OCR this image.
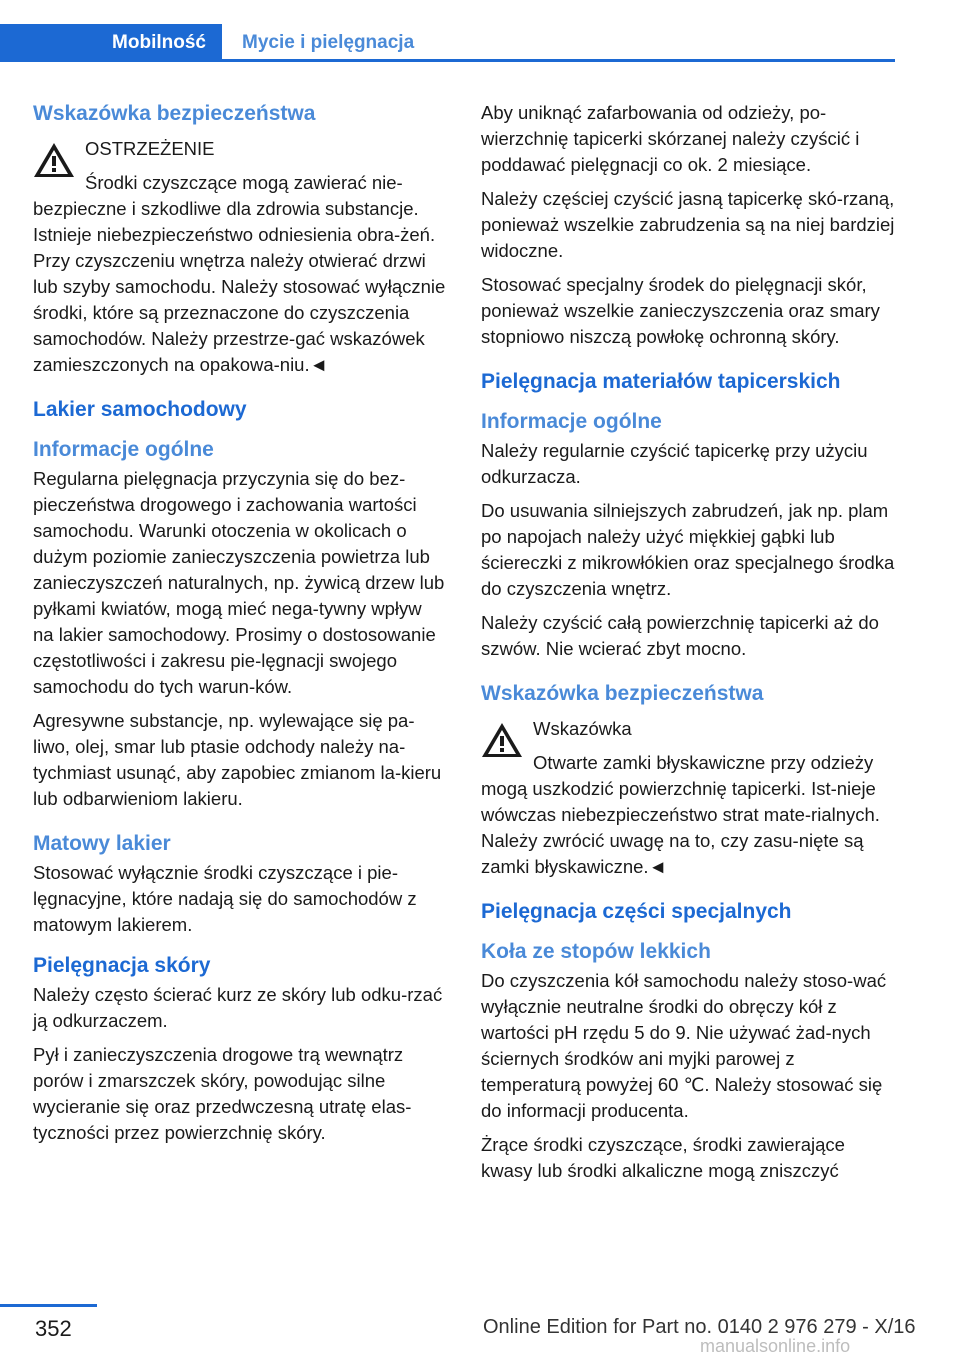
Mobilność	Mycie i pielęgnacja
Wskazówka bezpieczeństwa

OSTRZEŻENIE

Środki czyszczące mogą zawierać nie-

bezpieczne i szkodliwe dla zdrowia substancje. Istnieje niebezpieczeństwo odniesienia obra-żeń. Przy czyszczeniu wnętrza należy otwierać drzwi lub szyby samochodu. Należy stosować wyłącznie środki, które są przeznaczone do czyszczenia samochodów. Należy przestrze-gać wskazówek zamieszczonych na opakowa-niu.◄

Lakier samochodowy
Informacje ogólne

Regularna pielęgnacja przyczynia się do bez-pieczeństwa drogowego i zachowania wartości samochodu. Warunki otoczenia w okolicach o dużym poziomie zanieczyszczenia powietrza lub zanieczyszczeń naturalnych, np. żywicą drzew lub pyłkami kwiatów, mogą mieć nega-tywny wpływ na lakier samochodowy. Prosimy o dostosowanie częstotliwości i zakresu pie-lęgnacji swojego samochodu do tych warun-ków.

Agresywne substancje, np. wylewające się pa-liwo, olej, smar lub ptasie odchody należy na-tychmiast usunąć, aby zapobiec zmianom la-kieru lub odbarwieniom lakieru.

Matowy lakier

Stosować wyłącznie środki czyszczące i pie-lęgnacyjne, które nadają się do samochodów z matowym lakierem.

Pielęgnacja skóry

Należy często ścierać kurz ze skóry lub odku-rzać ją odkurzaczem.

Pył i zanieczyszczenia drogowe trą wewnątrz porów i zmarszczek skóry, powodując silne wycieranie się oraz przedwczesną utratę elas-tyczności przez powierzchnię skóry.

Aby uniknąć zafarbowania od odzieży, po-wierzchnię tapicerki skórzanej należy czyścić i poddawać pielęgnacji co ok. 2 miesiące.

Należy częściej czyścić jasną tapicerkę skó-rzaną, ponieważ wszelkie zabrudzenia są na niej bardziej widoczne.

Stosować specjalny środek do pielęgnacji skór, ponieważ wszelkie zanieczyszczenia oraz smary stopniowo niszczą powłokę ochronną skóry.

Pielęgnacja materiałów tapicerskich
Informacje ogólne

Należy regularnie czyścić tapicerkę przy użyciu odkurzacza.

Do usuwania silniejszych zabrudzeń, jak np. plam po napojach należy użyć miękkiej gąbki lub ściereczki z mikrowłókien oraz specjalnego środka do czyszczenia wnętrz.

Należy czyścić całą powierzchnię tapicerki aż do szwów. Nie wcierać zbyt mocno.

Wskazówka bezpieczeństwa

Wskazówka

Otwarte zamki błyskawiczne przy odzieży

mogą uszkodzić powierzchnię tapicerki. Ist-nieje wówczas niebezpieczeństwo strat mate-rialnych. Należy zwrócić uwagę na to, czy zasu-nięte są zamki błyskawiczne.◄

Pielęgnacja części specjalnych
Koła ze stopów lekkich

Do czyszczenia kół samochodu należy stoso-wać wyłącznie neutralne środki do obręczy kół z wartości pH rzędu 5 do 9. Nie używać żad-nych ściernych środków ani myjki parowej z temperaturą powyżej 60 ℃. Należy stosować się do informacji producenta.

Żrące środki czyszczące, środki zawierające kwasy lub środki alkaliczne mogą zniszczyć

352	Online Edition for Part no. 0140 2 976 279 - X/16
manualsonline.info
